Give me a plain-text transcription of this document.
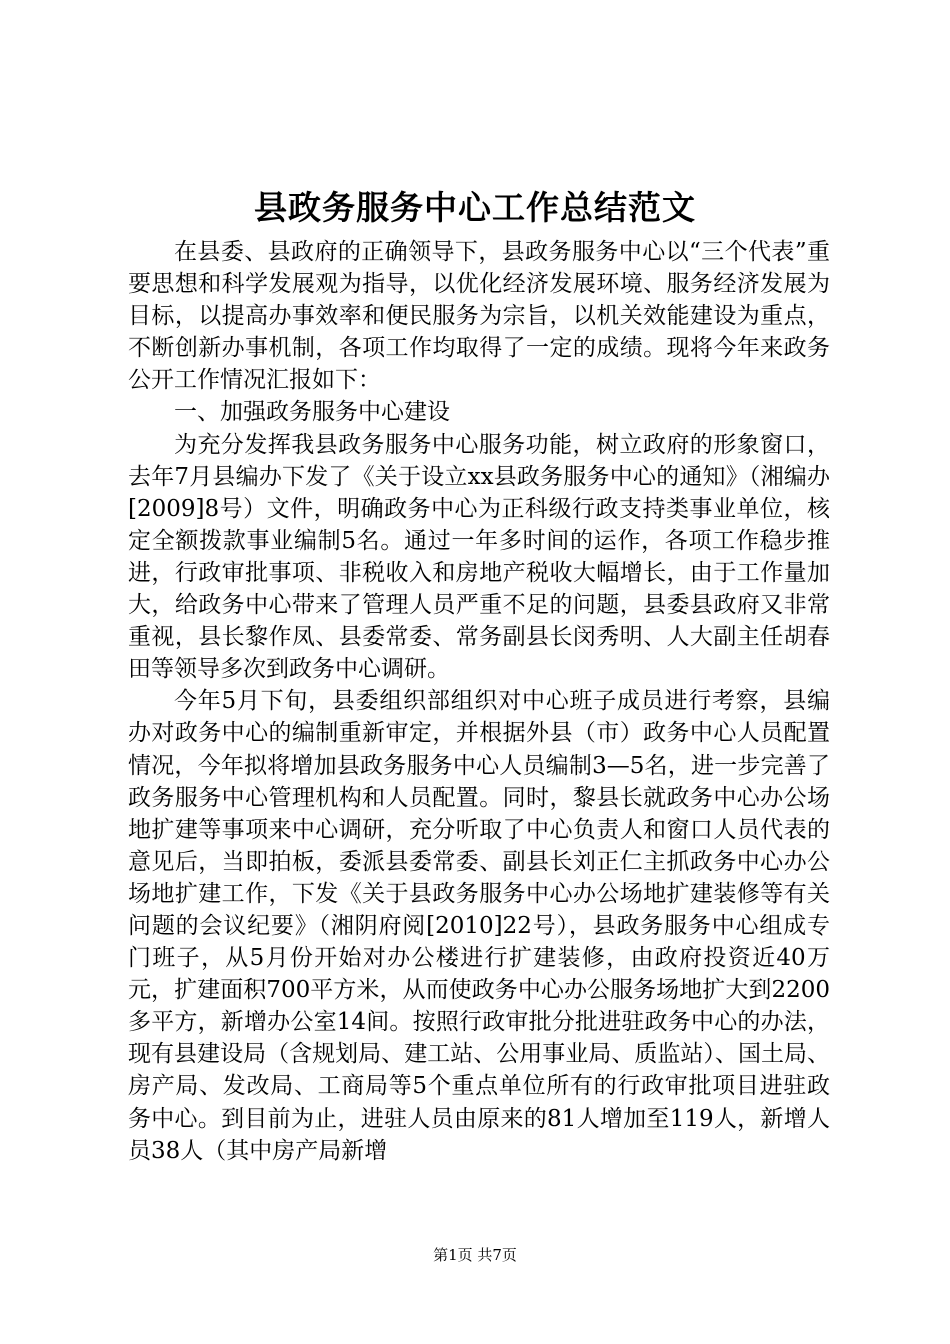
县政务服务中心工作总结范文

在县委、县政府的正确领导下，县政务服务中心以“三个代表”重要思想和科学发展观为指导，以优化经济发展环境、服务经济发展为目标，以提高办事效率和便民服务为宗旨，以机关效能建设为重点，不断创新办事机制，各项工作均取得了一定的成绩。现将今年来政务公开工作情况汇报如下：

一、加强政务服务中心建设

为充分发挥我县政务服务中心服务功能，树立政府的形象窗口，去年7月县编办下发了《关于设立xx县政务服务中心的通知》（湘编办[2009]8号）文件，明确政务中心为正科级行政支持类事业单位，核定全额拨款事业编制5名。通过一年多时间的运作，各项工作稳步推进，行政审批事项、非税收入和房地产税收大幅增长，由于工作量加大，给政务中心带来了管理人员严重不足的问题，县委县政府又非常重视，县长黎作凤、县委常委、常务副县长闵秀明、人大副主任胡春田等领导多次到政务中心调研。

今年5月下旬，县委组织部组织对中心班子成员进行考察，县编办对政务中心的编制重新审定，并根据外县（市）政务中心人员配置情况，今年拟将增加县政务服务中心人员编制3—5名，进一步完善了政务服务中心管理机构和人员配置。同时，黎县长就政务中心办公场地扩建等事项来中心调研，充分听取了中心负责人和窗口人员代表的意见后，当即拍板，委派县委常委、副县长刘正仁主抓政务中心办公场地扩建工作，下发《关于县政务服务中心办公场地扩建装修等有关问题的会议纪要》（湘阴府阅[2010]22号），县政务服务中心组成专门班子，从5月份开始对办公楼进行扩建装修，由政府投资近40万元，扩建面积700平方米，从而使政务中心办公服务场地扩大到2200多平方，新增办公室14间。按照行政审批分批进驻政务中心的办法，现有县建设局（含规划局、建工站、公用事业局、质监站）、国土局、房产局、发改局、工商局等5个重点单位所有的行政审批项目进驻政务中心。到目前为止，进驻人员由原来的81人增加至119人，新增人员38人（其中房产局新增

第1页 共7页
